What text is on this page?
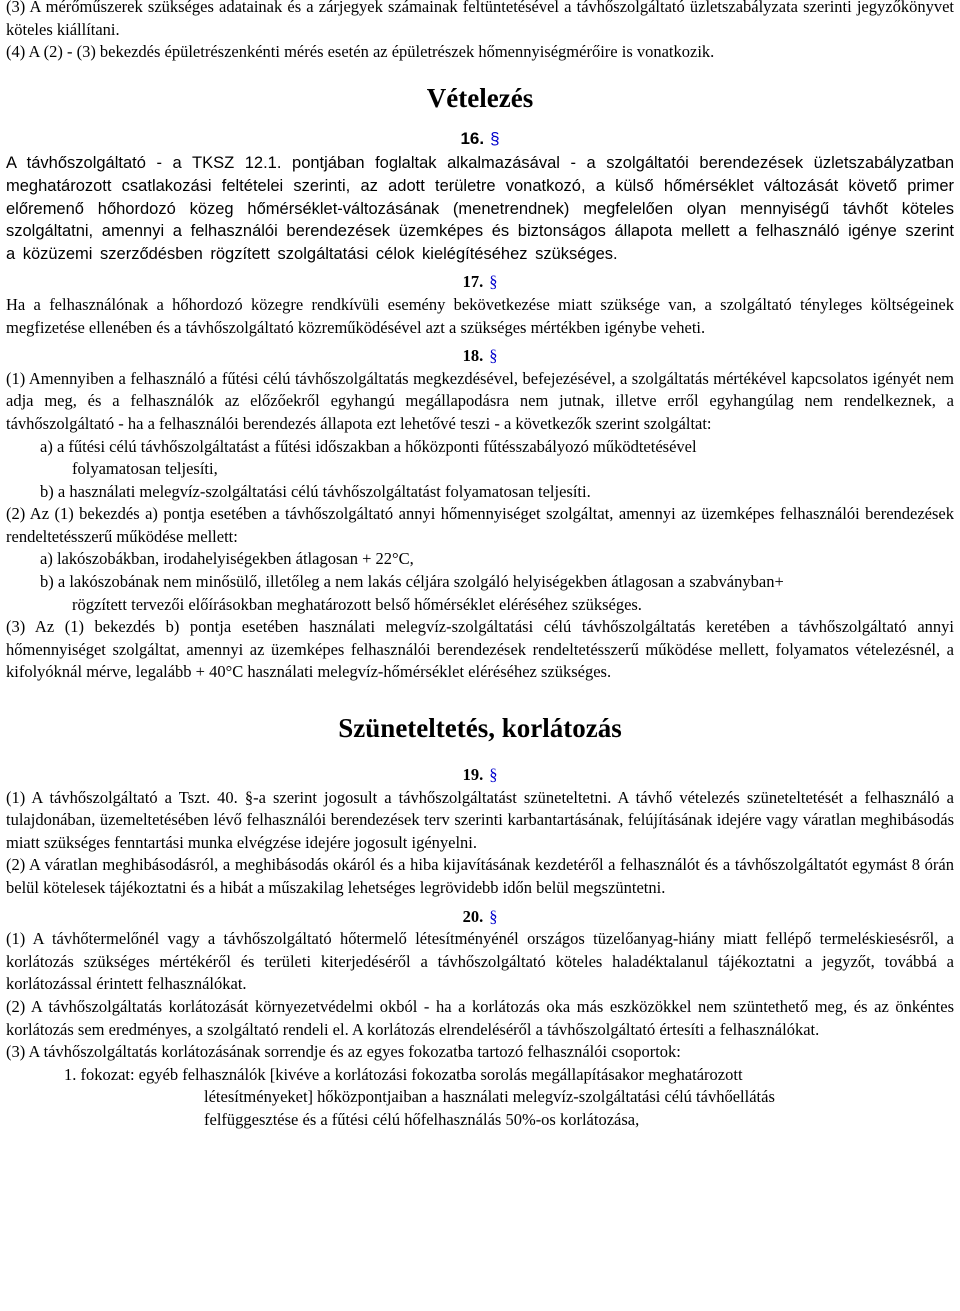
(3) A mérőműszerek szükséges adatainak és a zárjegyek számainak feltüntetésével a távhőszolgáltató üzletszabályzata szerinti jegyzőkönyvet köteles kiállítani.

(4) A (2) - (3) bekezdés épületrészenkénti mérés esetén az épületrészek hőmennyiségmérőire is vonatkozik.

Vételezés
16. §

A távhőszolgáltató - a TKSZ 12.1. pontjában foglaltak alkalmazásával - a szolgáltatói berendezések üzletszabályzatban meghatározott csatlakozási feltételei szerinti, az adott területre vonatkozó, a külső hőmérséklet változását követő primer előremenő hőhordozó közeg hőmérséklet-változásának (menetrendnek) megfelelően olyan mennyiségű távhőt köteles szolgáltatni, amennyi a felhasználói berendezések üzemképes és biztonságos állapota mellett a felhasználó igénye szerint a közüzemi szerződésben rögzített szolgáltatási célok kielégítéséhez szükséges.

17. §

Ha a felhasználónak a hőhordozó közegre rendkívüli esemény bekövetkezése miatt szüksége van, a szolgáltató tényleges költségeinek megfizetése ellenében és a távhőszolgáltató közreműködésével azt a szükséges mértékben igénybe veheti.

18. §

(1) Amennyiben a felhasználó a fűtési célú távhőszolgáltatás megkezdésével, befejezésével, a szolgáltatás mértékével kapcsolatos igényét nem adja meg, és a felhasználók az előzőekről egyhangú megállapodásra nem jutnak, illetve erről egyhangúlag nem rendelkeznek, a távhőszolgáltató - ha a felhasználói berendezés állapota ezt lehetővé teszi - a következők szerint szolgáltat:

a) a fűtési célú távhőszolgáltatást a fűtési időszakban a hőközponti fűtésszabályozó működtetésével

folyamatosan teljesíti,

b) a használati melegvíz-szolgáltatási célú távhőszolgáltatást folyamatosan teljesíti.

(2) Az (1) bekezdés a) pontja esetében a távhőszolgáltató annyi hőmennyiséget szolgáltat, amennyi az üzemképes felhasználói berendezések rendeltetésszerű működése mellett:

a) lakószobákban, irodahelyiségekben átlagosan + 22°C,

b) a lakószobának nem minősülő, illetőleg a nem lakás céljára szolgáló helyiségekben átlagosan a szabványban+

rögzített tervezői előírásokban meghatározott belső hőmérséklet eléréséhez szükséges.

(3) Az (1) bekezdés b) pontja esetében használati melegvíz-szolgáltatási célú távhőszolgáltatás keretében a távhőszolgáltató annyi hőmennyiséget szolgáltat, amennyi az üzemképes felhasználói berendezések rendeltetésszerű működése mellett, folyamatos vételezésnél, a kifolyóknál mérve, legalább + 40°C használati melegvíz-hőmérséklet eléréséhez szükséges.

Szüneteltetés, korlátozás
19. §

(1) A távhőszolgáltató a Tszt. 40. §-a szerint jogosult a távhőszolgáltatást szüneteltetni. A távhő vételezés szüneteltetését a felhasználó a tulajdonában, üzemeltetésében lévő felhasználói berendezések terv szerinti karbantartásának, felújításának idejére vagy váratlan meghibásodás miatt szükséges fenntartási munka elvégzése idejére jogosult igényelni.

(2) A váratlan meghibásodásról, a meghibásodás okáról és a hiba kijavításának kezdetéről a felhasználót és a távhőszolgáltatót egymást 8 órán belül kötelesek tájékoztatni és a hibát a műszakilag lehetséges legrövidebb időn belül megszüntetni.

20. §

(1) A távhőtermelőnél vagy a távhőszolgáltató hőtermelő létesítményénél országos tüzelőanyag-hiány miatt fellépő termeléskiesésről, a korlátozás szükséges mértékéről és területi kiterjedéséről a távhőszolgáltató köteles haladéktalanul tájékoztatni a jegyzőt, továbbá a korlátozással érintett felhasználókat.

(2) A távhőszolgáltatás korlátozását környezetvédelmi okból - ha a korlátozás oka más eszközökkel nem szüntethető meg, és az önkéntes korlátozás sem eredményes, a szolgáltató rendeli el. A korlátozás elrendeléséről a távhőszolgáltató értesíti a felhasználókat.

(3) A távhőszolgáltatás korlátozásának sorrendje és az egyes fokozatba tartozó felhasználói csoportok:

1. fokozat: egyéb felhasználók [kivéve a korlátozási fokozatba sorolás megállapításakor meghatározott

létesítményeket] hőközpontjaiban a használati melegvíz-szolgáltatási célú távhőellátás

felfüggesztése és a fűtési célú hőfelhasználás 50%-os korlátozása,
